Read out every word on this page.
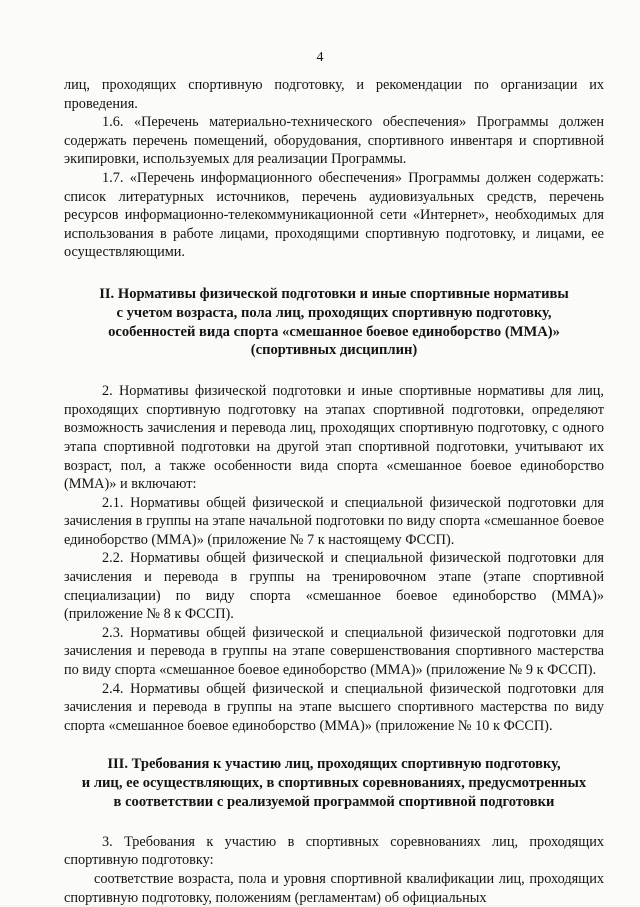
4

лиц, проходящих спортивную подготовку, и рекомендации по организации их проведения.

1.6. «Перечень материально-технического обеспечения» Программы должен содержать перечень помещений, оборудования, спортивного инвентаря и спортивной экипировки, используемых для реализации Программы.

1.7. «Перечень информационного обеспечения» Программы должен содержать: список литературных источников, перечень аудиовизуальных средств, перечень ресурсов информационно-телекоммуникационной сети «Интернет», необходимых для использования в работе лицами, проходящими спортивную подготовку, и лицами, ее осуществляющими.

II. Нормативы физической подготовки и иные спортивные нормативы
с учетом возраста, пола лиц, проходящих спортивную подготовку,
особенностей вида спорта «смешанное боевое единоборство (ММА)»
(спортивных дисциплин)

2. Нормативы физической подготовки и иные спортивные нормативы для лиц, проходящих спортивную подготовку на этапах спортивной подготовки, определяют возможность зачисления и перевода лиц, проходящих спортивную подготовку, с одного этапа спортивной подготовки на другой этап спортивной подготовки, учитывают их возраст, пол, а также особенности вида спорта «смешанное боевое единоборство (ММА)» и включают:

2.1. Нормативы общей физической и специальной физической подготовки для зачисления в группы на этапе начальной подготовки по виду спорта «смешанное боевое единоборство (ММА)» (приложение № 7 к настоящему ФССП).

2.2. Нормативы общей физической и специальной физической подготовки для зачисления и перевода в группы на тренировочном этапе (этапе спортивной специализации) по виду спорта «смешанное боевое единоборство (ММА)» (приложение № 8 к ФССП).

2.3. Нормативы общей физической и специальной физической подготовки для зачисления и перевода в группы на этапе совершенствования спортивного мастерства по виду спорта «смешанное боевое единоборство (ММА)» (приложение № 9 к ФССП).

2.4. Нормативы общей физической и специальной физической подготовки для зачисления и перевода в группы на этапе высшего спортивного мастерства по виду спорта «смешанное боевое единоборство (ММА)» (приложение № 10 к ФССП).

III. Требования к участию лиц, проходящих спортивную подготовку,
и лиц, ее осуществляющих, в спортивных соревнованиях, предусмотренных
в соответствии с реализуемой программой спортивной подготовки

3. Требования к участию в спортивных соревнованиях лиц, проходящих спортивную подготовку:

соответствие возраста, пола и уровня спортивной квалификации лиц, проходящих спортивную подготовку, положениям (регламентам) об официальных
